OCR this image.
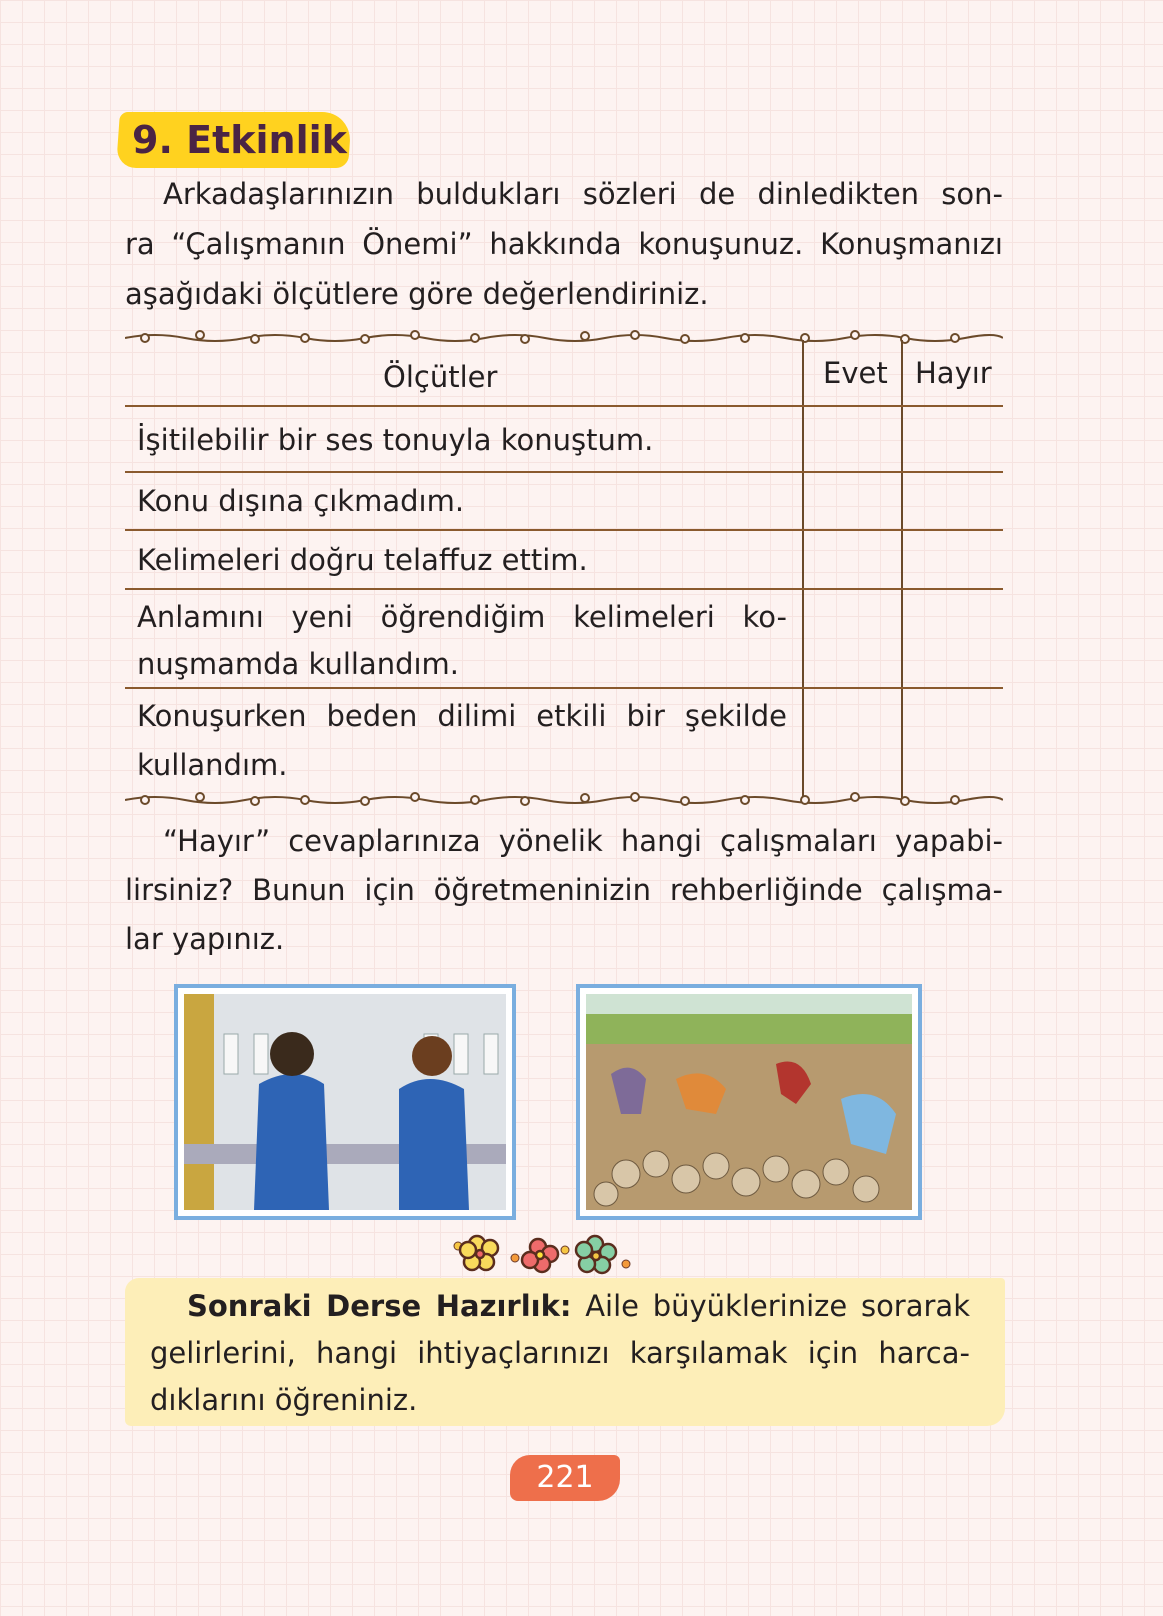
9. Etkinlik
Arkadaşlarınızın buldukları sözleri de dinledikten son-
ra “Çalışmanın Önemi” hakkında konuşunuz. Konuşmanızı
aşağıdaki ölçütlere göre değerlendiriniz.
Ölçütler	Evet Hayır
İşitilebilir bir ses tonuyla konuştum.
Konu dışına çıkmadım.
Kelimeleri doğru telaffuz ettim.
Anlamını yeni öğrendiğim kelimeleri ko-
nuşmamda kullandım.
Konuşurken beden dilimi etkili bir şekilde
kullandım.
“Hayır” cevaplarınıza yönelik hangi çalışmaları yapabi-
lirsiniz? Bunun için öğretmeninizin rehberliğinde çalışma-
lar yapınız.
Sonraki Derse Hazırlık: Aile büyüklerinize sorarak
gelirlerini, hangi ihtiyaçlarınızı karşılamak için harca-
dıklarını öğreniniz.
221
